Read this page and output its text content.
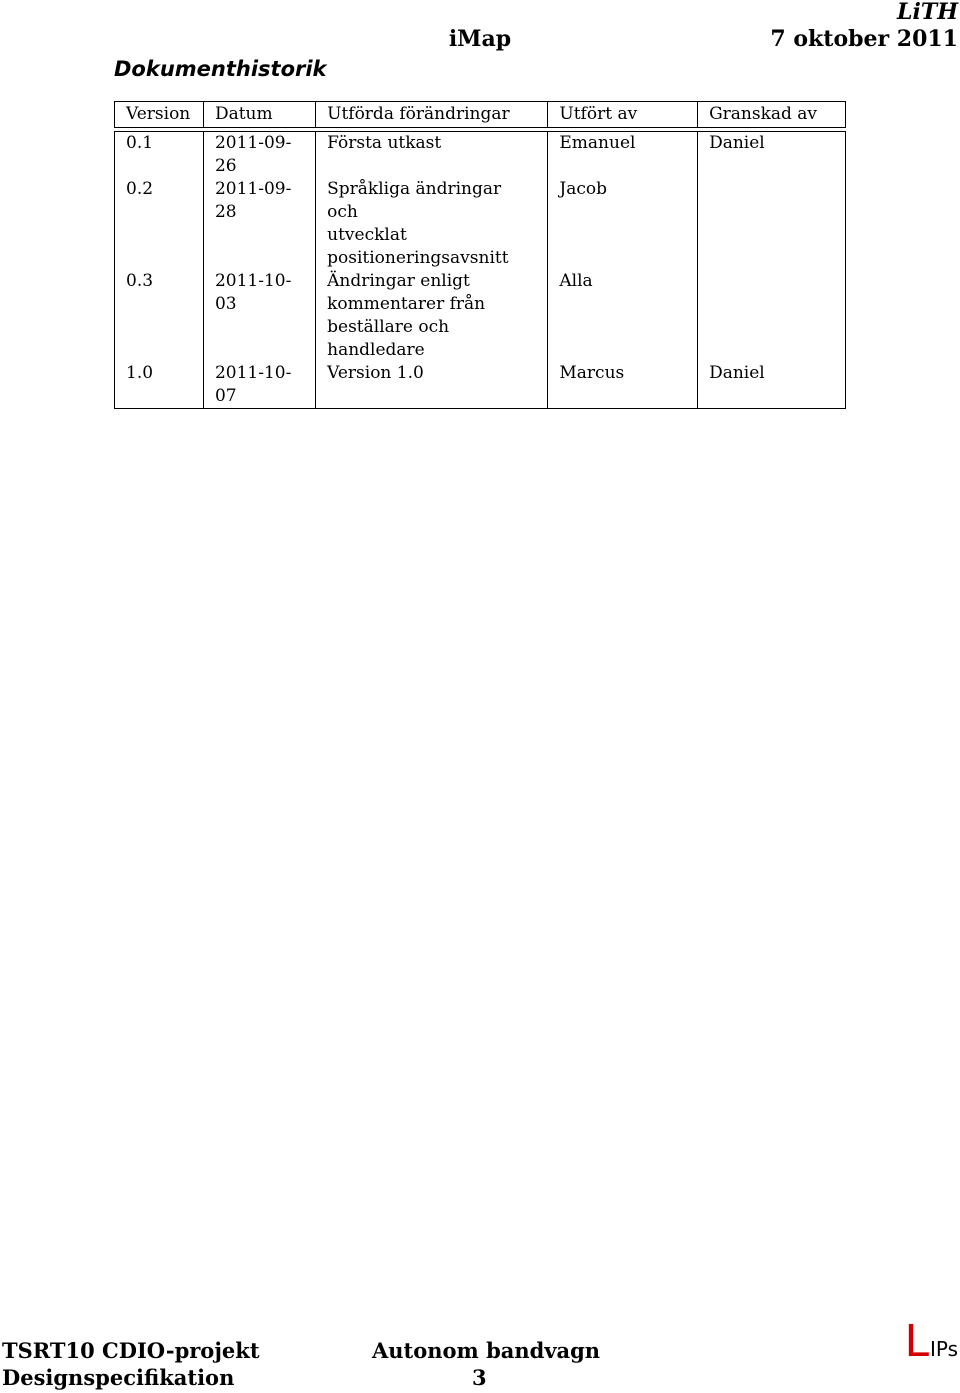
LiTH
iMap	7 oktober 2011
Dokumenthistorik
Version	Datum	Utförda förändringar	Utfört av	Granskad av

0.1	2011-09-26	Första utkast	Emanuel	Daniel
0.2	2011-09-28	Språkliga ändringar och
utvecklat
positioneringsavsnitt	Jacob	
0.3	2011-10-03	Ändringar enligt
kommentarer från
beställare och handledare	Alla	
1.0	2011-10-07	Version 1.0	Marcus	Daniel
TSRT10 CDIO-projekt	Autonom bandvagn
Designspecifikation	3
L IPs
